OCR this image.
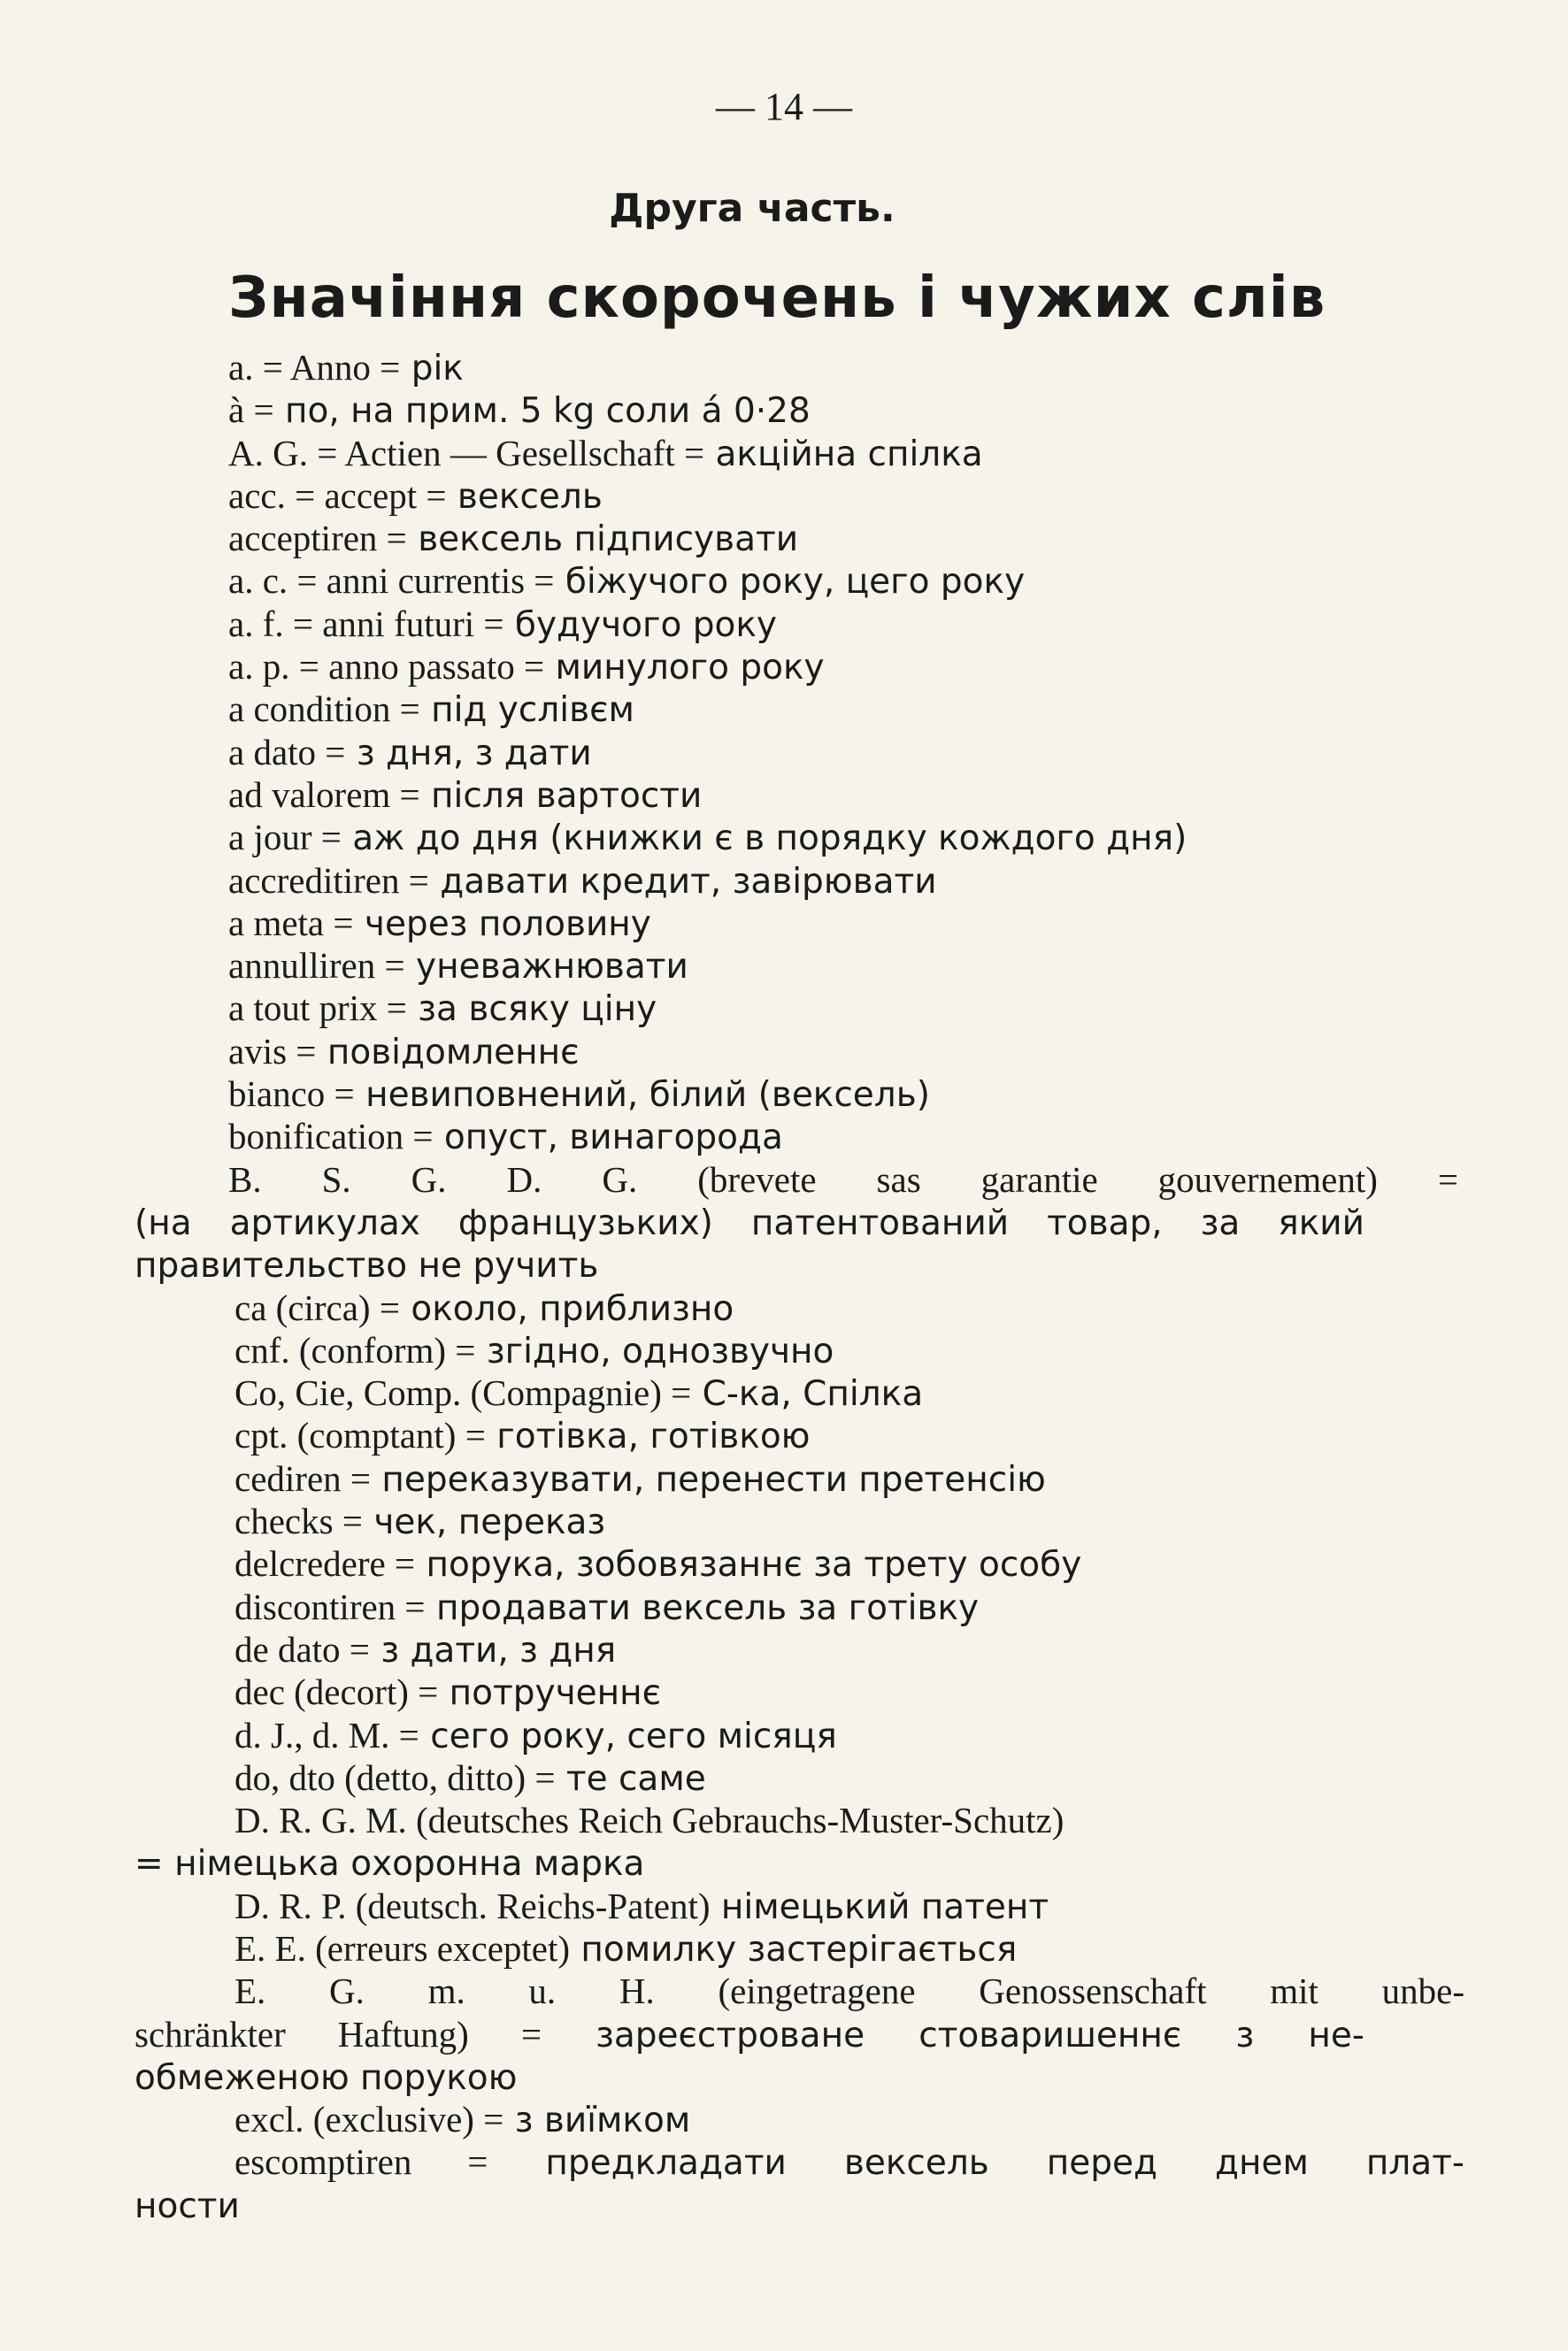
— 14 —
Друга часть.
Значіння скорочень і чужих слів
a. = Anno = рік
à = по, на прим. 5 kg соли á 0·28
A. G. = Actien — Gesellschaft = акційна спілка
acc. = accept = вексель
acceptiren = вексель підписувати
a. c. = anni currentis = біжучого року, цего року
a. f. = anni futuri = будучого року
a. p. = anno passato = минулого року
a condition = під услівєм
a dato = з дня, з дати
ad valorem = після вартости
a jour = аж до дня (книжки є в порядку кождого дня)
accreditiren = давати кредит, завірювати
a meta = через половину
annulliren = уневажнювати
a tout prix = за всяку ціну
avis = повідомленнє
bianco = невиповнений, білий (вексель)
bonification = опуст, винагорода
B. S. G. D. G. (brevete sas garantie gouvernement) =
(на артикулах французьких) патентований товар, за який
правительство не ручить
ca (circa) = около, приблизно
cnf. (conform) = згідно, однозвучно
Co, Cie, Comp. (Compagnie) = С-ка, Спілка
cpt. (comptant) = готівка, готівкою
cediren = переказувати, перенести претенсію
checks = чек, переказ
delcredere = порука, зобовязаннє за трету особу
discontiren = продавати вексель за готівку
de dato = з дати, з дня
dec (decort) = потрученнє
d. J., d. M. = сего року, сего місяця
do, dto (detto, ditto) = те саме
D. R. G. M. (deutsches Reich Gebrauchs-Muster-Schutz)
= німецька охоронна марка
D. R. P. (deutsch. Reichs-Patent) німецький патент
E. E. (erreurs exceptet) помилку застерігається
E. G. m. u. H. (eingetragene Genossenschaft mit unbe-
schränkter Haftung) = зареєстроване стоваришеннє з не-
обмеженою порукою
excl. (exclusive) = з виїмком
escomptiren = предкладати вексель перед днем плат-
ности
